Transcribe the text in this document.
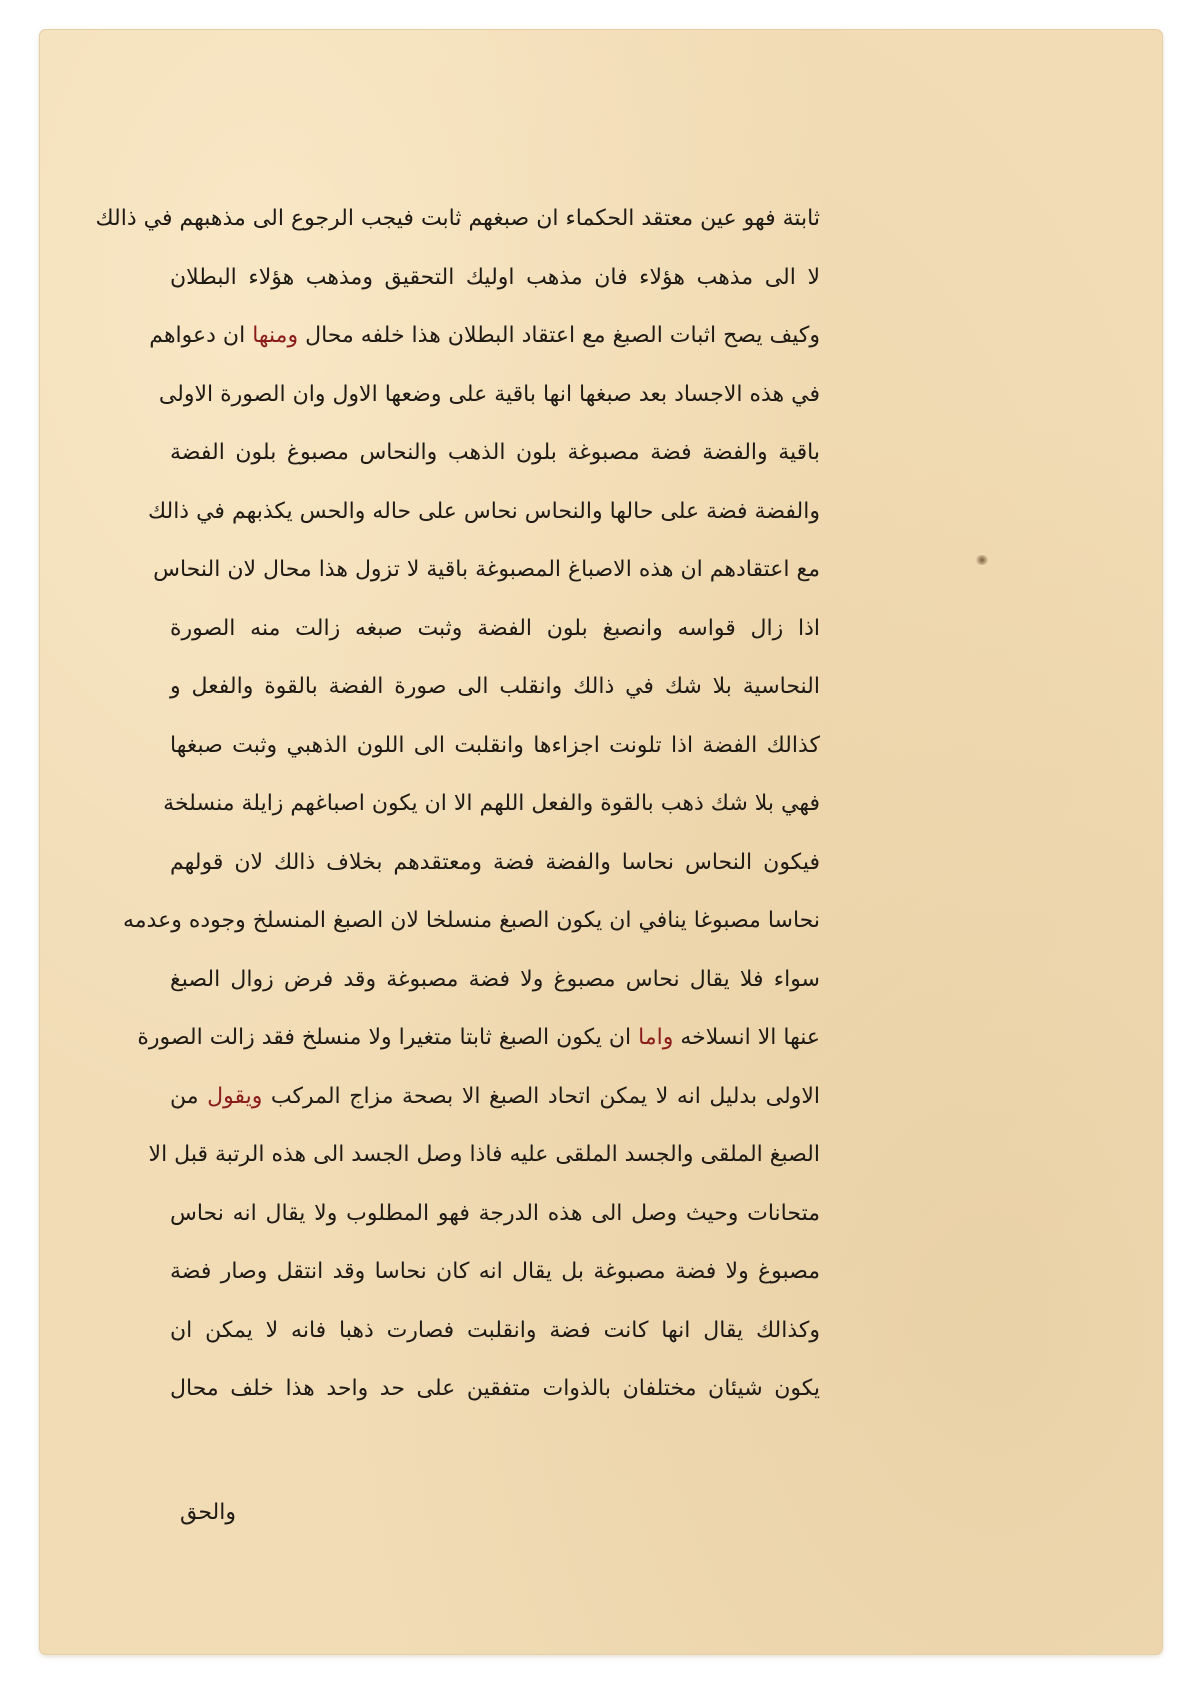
ثابتة فهو عين معتقد الحكماء ان صبغهم ثابت فيجب الرجوع الى مذهبهم في ذالك
لا الى مذهب هؤلاء فان مذهب اوليك التحقيق ومذهب هؤلاء البطلان
وكيف يصح اثبات الصبغ مع اعتقاد البطلان هذا خلفه محال ومنها ان دعواهم
في هذه الاجساد بعد صبغها انها باقية على وضعها الاول وان الصورة الاولى
باقية والفضة فضة مصبوغة بلون الذهب والنحاس مصبوغ بلون الفضة
والفضة فضة على حالها والنحاس نحاس على حاله والحس يكذبهم في ذالك
مع اعتقادهم ان هذه الاصباغ المصبوغة باقية لا تزول هذا محال لان النحاس
اذا زال قواسه وانصبغ بلون الفضة وثبت صبغه زالت منه الصورة
النحاسية بلا شك في ذالك وانقلب الى صورة الفضة بالقوة والفعل و
كذالك الفضة اذا تلونت اجزاءها وانقلبت الى اللون الذهبي وثبت صبغها
فهي بلا شك ذهب بالقوة والفعل اللهم الا ان يكون اصباغهم زايلة منسلخة
فيكون النحاس نحاسا والفضة فضة ومعتقدهم بخلاف ذالك لان قولهم
نحاسا مصبوغا ينافي ان يكون الصبغ منسلخا لان الصبغ المنسلخ وجوده وعدمه
سواء فلا يقال نحاس مصبوغ ولا فضة مصبوغة وقد فرض زوال الصبغ
عنها الا انسلاخه واما ان يكون الصبغ ثابتا متغيرا ولا منسلخ فقد زالت الصورة
الاولى بدليل انه لا يمكن اتحاد الصبغ الا بصحة مزاج المركب ويقول من
الصبغ الملقى والجسد الملقى عليه فاذا وصل الجسد الى هذه الرتبة قبل الا
متحانات وحيث وصل الى هذه الدرجة فهو المطلوب ولا يقال انه نحاس
مصبوغ ولا فضة مصبوغة بل يقال انه كان نحاسا وقد انتقل وصار فضة
وكذالك يقال انها كانت فضة وانقلبت فصارت ذهبا فانه لا يمكن ان
يكون شيئان مختلفان بالذوات متفقين على حد واحد هذا خلف محال
والحق
